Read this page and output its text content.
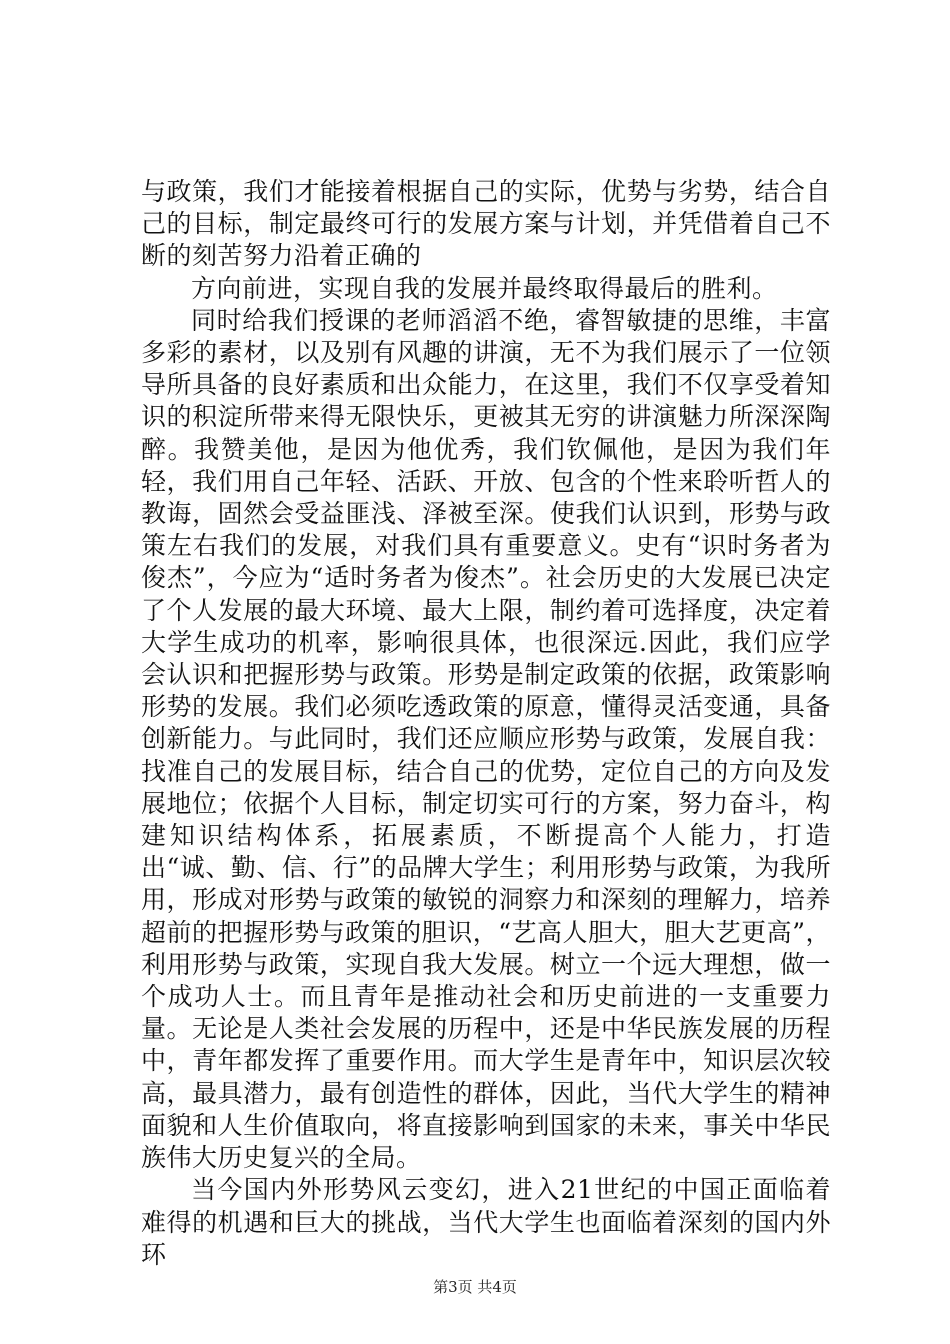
与政策，我们才能接着根据自己的实际，优势与劣势，结合自己的目标，制定最终可行的发展方案与计划，并凭借着自己不断的刻苦努力沿着正确的

方向前进，实现自我的发展并最终取得最后的胜利。

同时给我们授课的老师滔滔不绝，睿智敏捷的思维，丰富多彩的素材，以及别有风趣的讲演，无不为我们展示了一位领导所具备的良好素质和出众能力，在这里，我们不仅享受着知识的积淀所带来得无限快乐，更被其无穷的讲演魅力所深深陶醉。我赞美他，是因为他优秀，我们钦佩他，是因为我们年轻，我们用自己年轻、活跃、开放、包含的个性来聆听哲人的教诲，固然会受益匪浅、泽被至深。使我们认识到，形势与政策左右我们的发展，对我们具有重要意义。史有“识时务者为俊杰”，今应为“适时务者为俊杰”。社会历史的大发展已决定了个人发展的最大环境、最大上限，制约着可选择度，决定着大学生成功的机率，影响很具体，也很深远.因此，我们应学会认识和把握形势与政策。形势是制定政策的依据，政策影响形势的发展。我们必须吃透政策的原意，懂得灵活变通，具备创新能力。与此同时，我们还应顺应形势与政策，发展自我：找准自己的发展目标，结合自己的优势，定位自己的方向及发展地位；依据个人目标，制定切实可行的方案，努力奋斗，构建知识结构体系，拓展素质，不断提高个人能力，打造出“诚、勤、信、行”的品牌大学生；利用形势与政策，为我所用，形成对形势与政策的敏锐的洞察力和深刻的理解力，培养超前的把握形势与政策的胆识，“艺高人胆大，胆大艺更高”，利用形势与政策，实现自我大发展。树立一个远大理想，做一个成功人士。而且青年是推动社会和历史前进的一支重要力量。无论是人类社会发展的历程中，还是中华民族发展的历程中，青年都发挥了重要作用。而大学生是青年中，知识层次较高，最具潜力，最有创造性的群体，因此，当代大学生的精神面貌和人生价值取向，将直接影响到国家的未来，事关中华民族伟大历史复兴的全局。

当今国内外形势风云变幻，进入21世纪的中国正面临着难得的机遇和巨大的挑战，当代大学生也面临着深刻的国内外环

第3页 共4页
